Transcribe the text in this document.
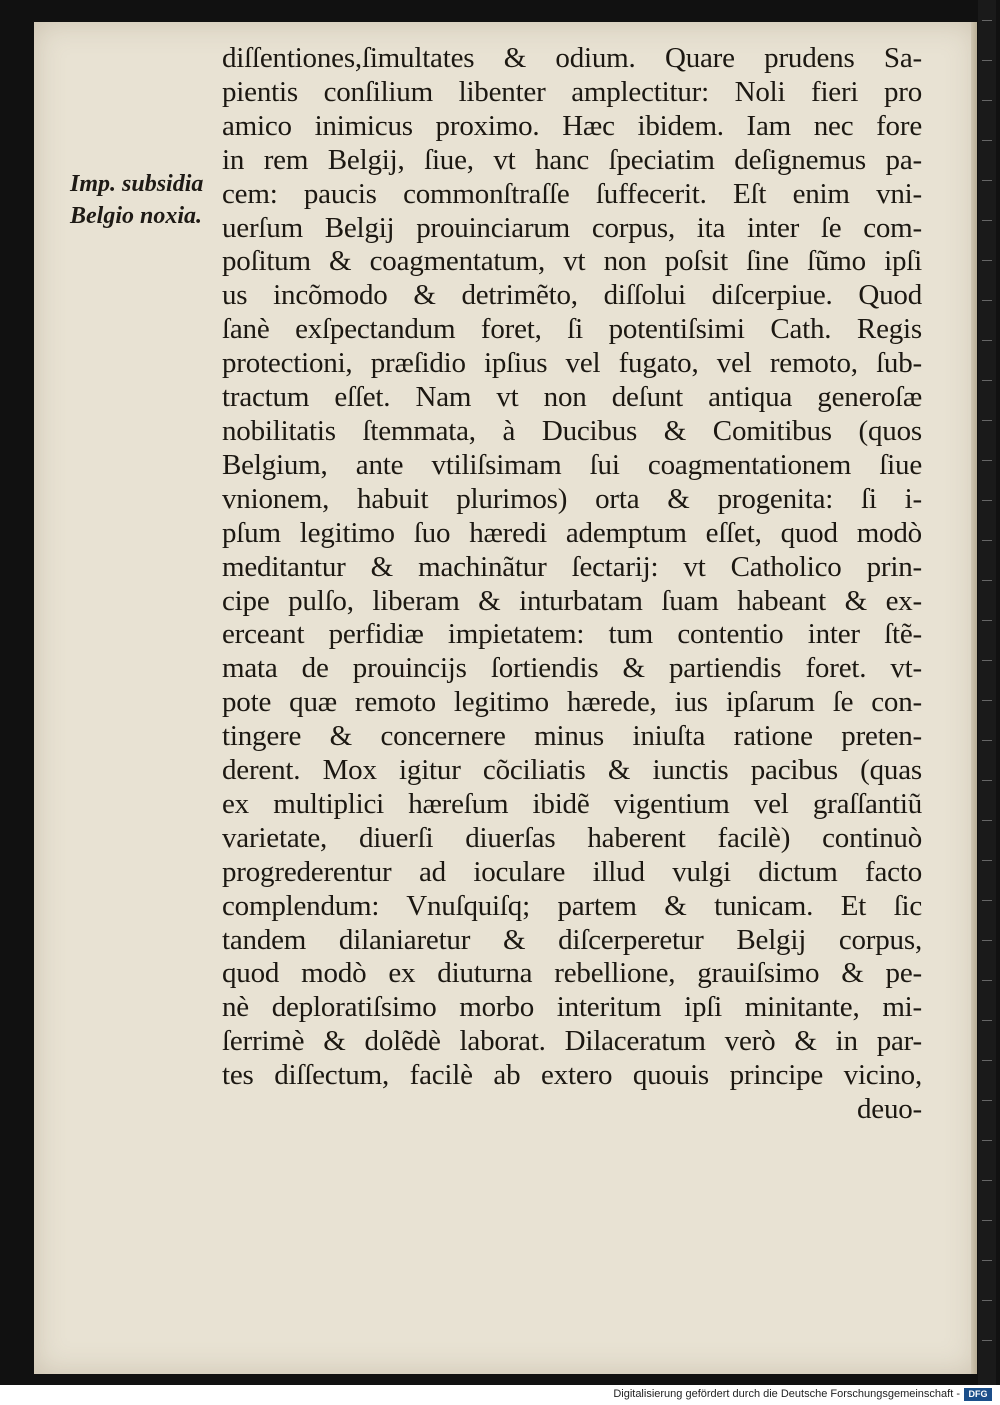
Imp. subsidia
Belgio noxia.
diſſentiones,ſimultates & odium. Quare prudens Sa-
pientis conſilium libenter amplectitur: Noli fieri pro
amico inimicus proximo. Hæc ibidem. Iam nec fore
in rem Belgij, ſiue, vt hanc ſpeciatim deſignemus pa-
cem: paucis commonſtraſſe ſuffecerit. Eſt enim vni-
uerſum Belgij prouinciarum corpus, ita inter ſe com-
poſitum & coagmentatum, vt non poſsit ſine ſũmo ipſi
us incõmodo & detrimẽto, diſſolui diſcerpiue. Quod
ſanè exſpectandum foret, ſi potentiſsimi Cath. Regis
protectioni, præſidio ipſius vel fugato, vel remoto, ſub-
tractum eſſet. Nam vt non deſunt antiqua generoſæ
nobilitatis ſtemmata, à Ducibus & Comitibus (quos
Belgium, ante vtiliſsimam ſui coagmentationem ſiue
vnionem, habuit plurimos) orta & progenita: ſi i-
pſum legitimo ſuo hæredi ademptum eſſet, quod modò
meditantur & machinãtur ſectarij: vt Catholico prin-
cipe pulſo, liberam & inturbatam ſuam habeant & ex-
erceant perfidiæ impietatem: tum contentio inter ſtẽ-
mata de prouincijs ſortiendis & partiendis foret. vt-
pote quæ remoto legitimo hærede, ius ipſarum ſe con-
tingere & concernere minus iniuſta ratione preten-
derent. Mox igitur cõciliatis & iunctis pacibus (quas
ex multiplici hæreſum ibidẽ vigentium vel graſſantiũ
varietate, diuerſi diuerſas haberent facilè) continuò
progrederentur ad ioculare illud vulgi dictum facto
complendum: Vnuſquiſq; partem & tunicam. Et ſic
tandem dilaniaretur & diſcerperetur Belgij corpus,
quod modò ex diuturna rebellione, grauiſsimo & pe-
nè deploratiſsimo morbo interitum ipſi minitante, mi-
ſerrimè & dolẽdè laborat. Dilaceratum verò & in par-
tes diſſectum, facilè ab extero quouis principe vicino,
deuo-
Digitalisierung gefördert durch die Deutsche Forschungsgemeinschaft - DFG
